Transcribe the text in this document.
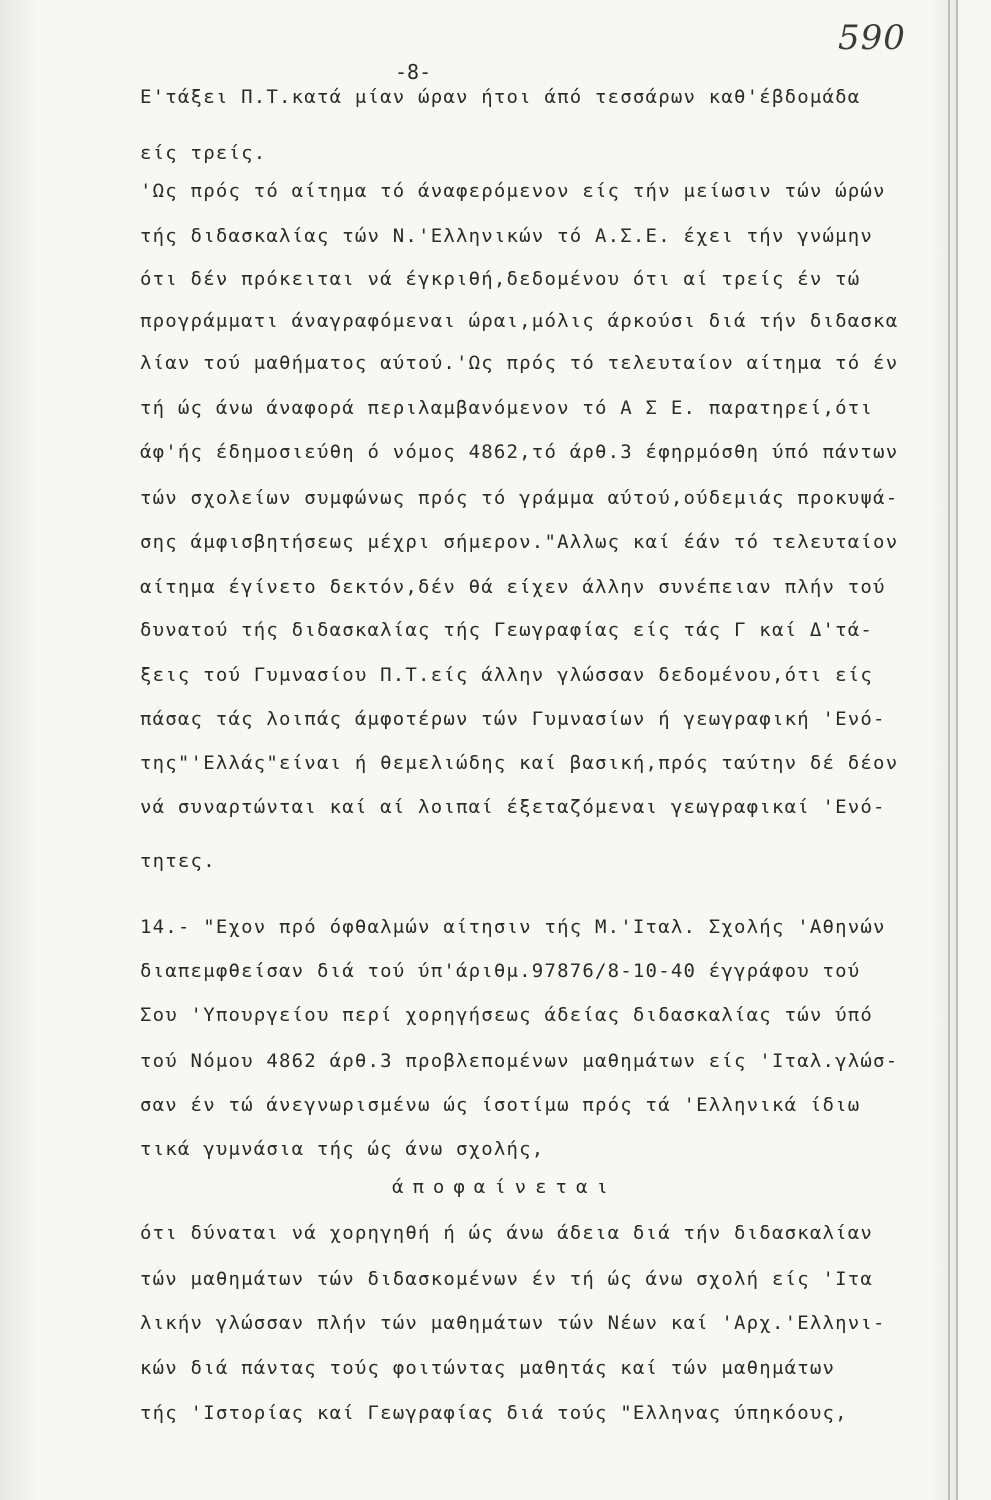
590
-8-
Ε'τάξει Π.Τ.κατά μίαν ώραν ήτοι άπό τεσσάρων καθ'έβδομάδα
είς τρείς.
'Ως πρός τό αίτημα τό άναφερόμενον είς τήν μείωσιν τών ώρών
τής διδασκαλίας τών Ν.'Ελληνικών τό Α.Σ.Ε. έχει τήν γνώμην
ότι δέν πρόκειται νά έγκριθή,δεδομένου ότι αί τρείς έν τώ
προγράμματι άναγραφόμεναι ώραι,μόλις άρκούσι διά τήν διδασκα
λίαν τού μαθήματος αύτού.'Ως πρός τό τελευταίον αίτημα τό έν
τή ώς άνω άναφορά περιλαμβανόμενον τό Α Σ Ε. παρατηρεί,ότι
άφ'ής έδημοσιεύθη ό νόμος 4862,τό άρθ.3 έφηρμόσθη ύπό πάντων
τών σχολείων συμφώνως πρός τό γράμμα αύτού,ούδεμιάς προκυψά-
σης άμφισβητήσεως μέχρι σήμερον."Αλλως καί έάν τό τελευταίον
αίτημα έγίνετο δεκτόν,δέν θά είχεν άλλην συνέπειαν πλήν τού
δυνατού τής διδασκαλίας τής Γεωγραφίας είς τάς Γ καί Δ'τά-
ξεις τού Γυμνασίου Π.Τ.είς άλλην γλώσσαν δεδομένου,ότι είς
πάσας τάς λοιπάς άμφοτέρων τών Γυμνασίων ή γεωγραφική 'Ενό-
της"'Ελλάς"είναι ή θεμελιώδης καί βασική,πρός ταύτην δέ δέον
νά συναρτώνται καί αί λοιπαί έξεταζόμεναι γεωγραφικαί 'Ενό-
τητες.
14.- "Εχον πρό όφθαλμών αίτησιν τής Μ.'Ιταλ. Σχολής 'Αθηνών
διαπεμφθείσαν διά τού ύπ'άριθμ.97876/8-10-40 έγγράφου τού
Σου 'Υπουργείου περί χορηγήσεως άδείας διδασκαλίας τών ύπό
τού Νόμου 4862 άρθ.3 προβλεπομένων μαθημάτων είς 'Ιταλ.γλώσ-
σαν έν τώ άνεγνωρισμένω ώς ίσοτίμω πρός τά 'Ελληνικά ίδιω
τικά γυμνάσια τής ώς άνω σχολής,
άποφαίνεται
ότι δύναται νά χορηγηθή ή ώς άνω άδεια διά τήν διδασκαλίαν
τών μαθημάτων τών διδασκομένων έν τή ώς άνω σχολή είς 'Ιτα
λικήν γλώσσαν πλήν τών μαθημάτων τών Νέων καί 'Αρχ.'Ελληνι-
κών διά πάντας τούς φοιτώντας μαθητάς καί τών μαθημάτων
τής 'Ιστορίας καί Γεωγραφίας διά τούς "Ελληνας ύπηκόους,
